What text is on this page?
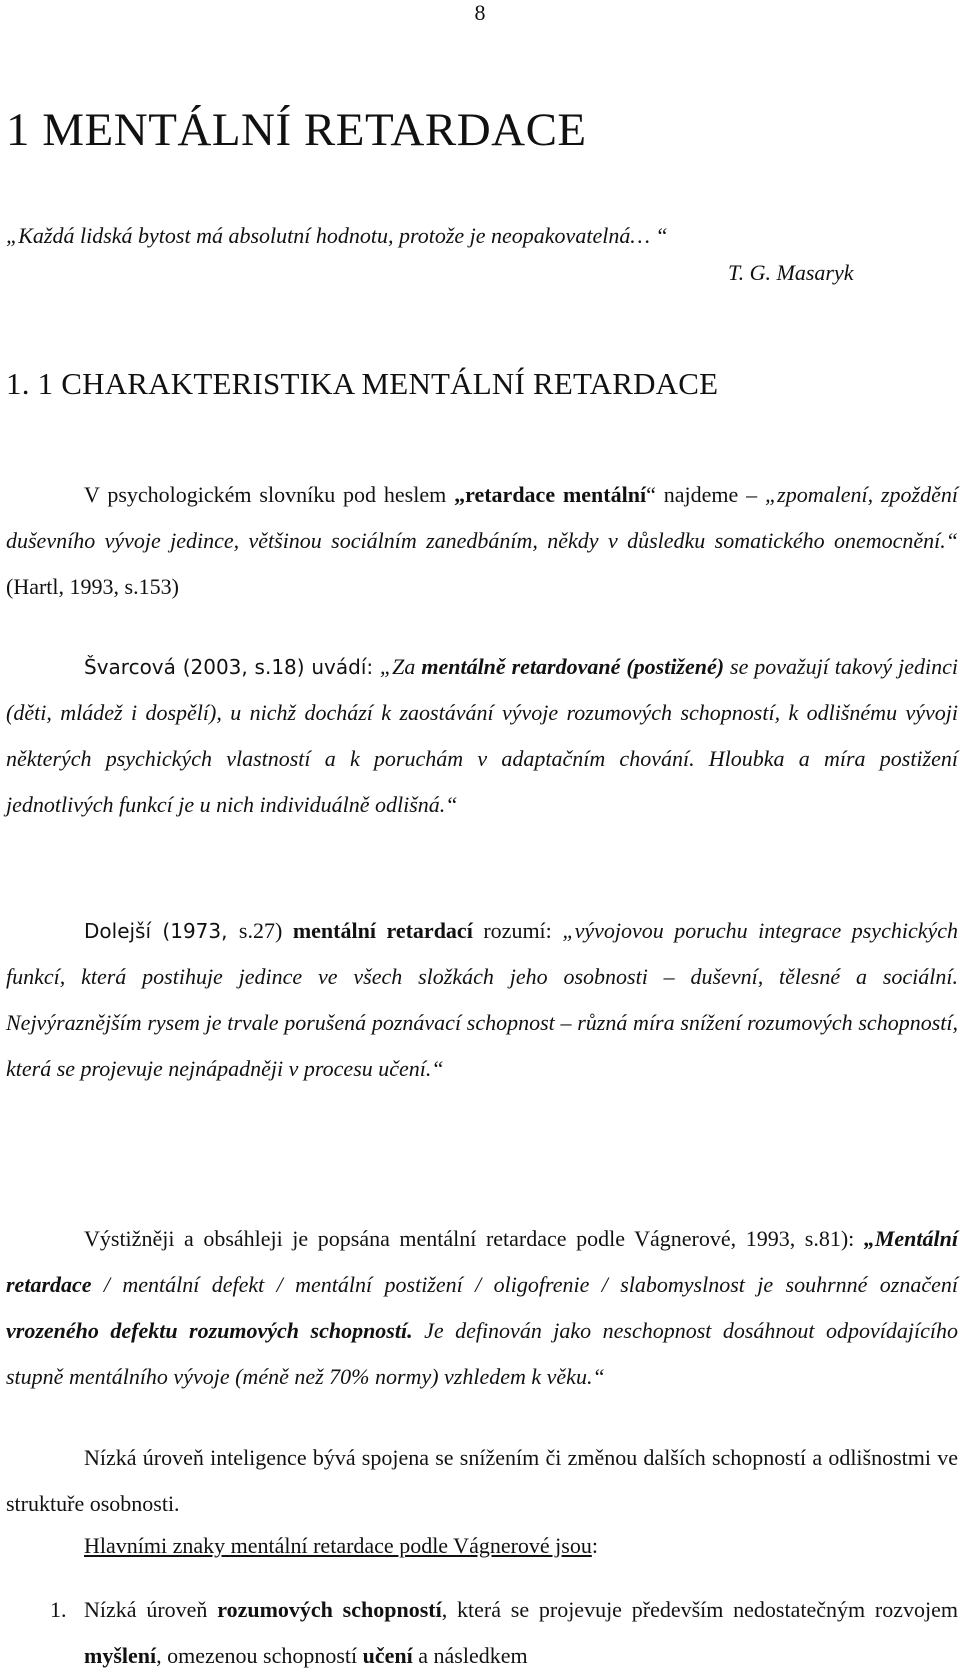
8
1 MENTÁLNÍ RETARDACE
„Každá lidská bytost má absolutní hodnotu, protože je neopakovatelná… “
T. G. Masaryk
1. 1 CHARAKTERISTIKA MENTÁLNÍ RETARDACE

V psychologickém slovníku pod heslem „retardace mentální“ najdeme – „zpomalení, zpoždění duševního vývoje jedince, většinou sociálním zanedbáním, někdy v důsledku somatického onemocnění.“ (Hartl, 1993, s.153)

Švarcová (2003, s.18) uvádí: „Za mentálně retardované (postižené) se považují takový jedinci (děti, mládež i dospělí), u nichž dochází k zaostávání vývoje rozumových schopností, k odlišnému vývoji některých psychických vlastností a k poruchám v adaptačním chování. Hloubka a míra postižení jednotlivých funkcí je u nich individuálně odlišná.“

Dolejší (1973, s.27) mentální retardací rozumí: „vývojovou poruchu integrace psychických funkcí, která postihuje jedince ve všech složkách jeho osobnosti – duševní, tělesné a sociální. Nejvýraznějším rysem je trvale porušená poznávací schopnost – různá míra snížení rozumových schopností, která se projevuje nejnápadněji v procesu učení.“

Výstižněji a obsáhleji je popsána mentální retardace podle Vágnerové, 1993, s.81): „Mentální retardace / mentální defekt / mentální postižení / oligofrenie / slabomyslnost je souhrnné označení vrozeného defektu rozumových schopností. Je definován jako neschopnost dosáhnout odpovídajícího stupně mentálního vývoje (méně než 70% normy) vzhledem k věku.“

Nízká úroveň inteligence bývá spojena se snížením či změnou dalších schopností a odlišnostmi ve struktuře osobnosti.

Hlavními znaky mentální retardace podle Vágnerové jsou:

1. Nízká úroveň rozumových schopností, která se projevuje především nedostatečným rozvojem myšlení, omezenou schopností učení a následkem
